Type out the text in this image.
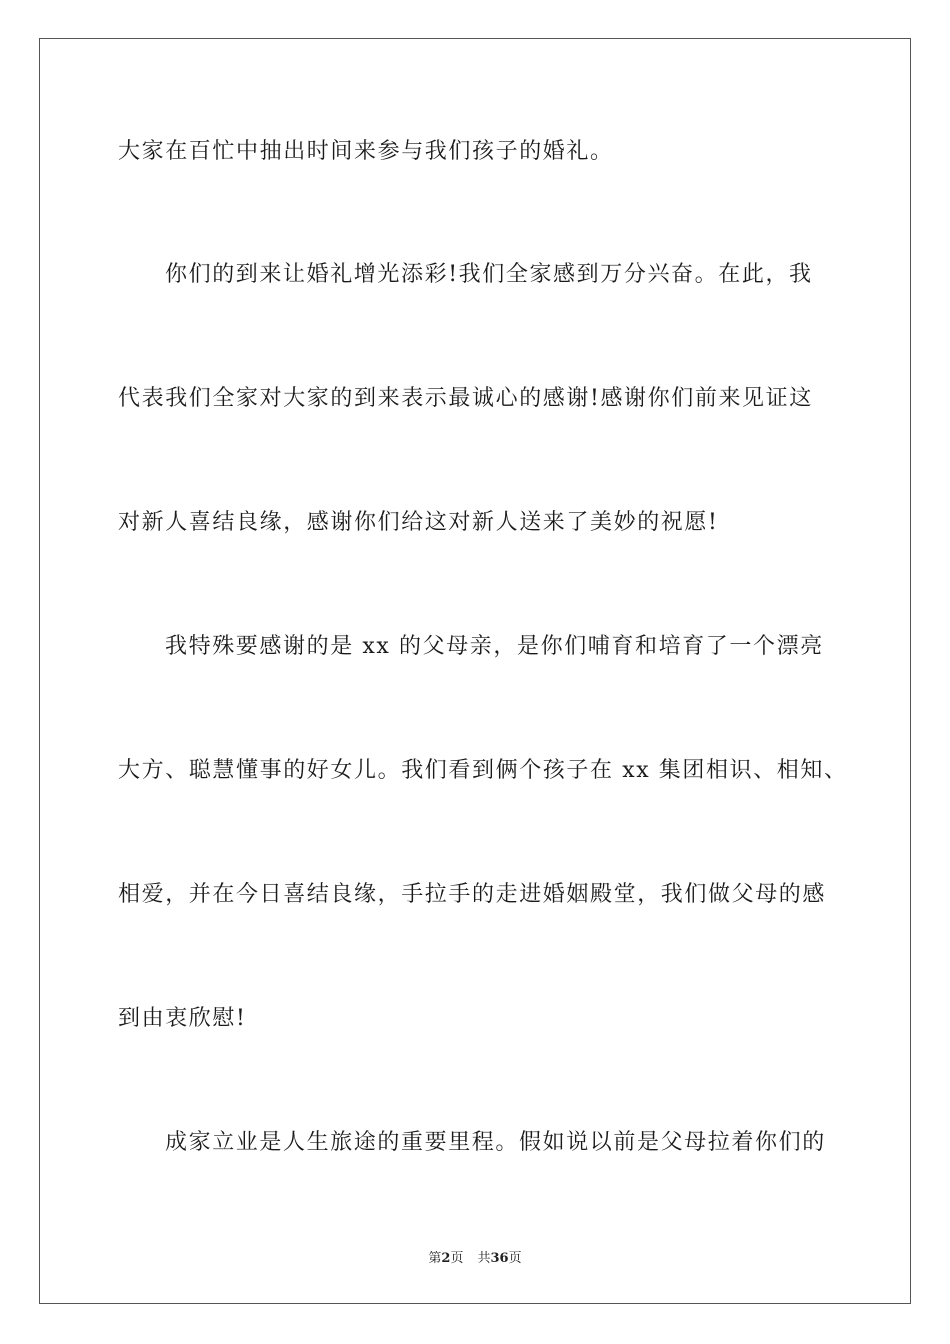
大家在百忙中抽出时间来参与我们孩子的婚礼。
你们的到来让婚礼增光添彩!我们全家感到万分兴奋。在此，我
代表我们全家对大家的到来表示最诚心的感谢!感谢你们前来见证这
对新人喜结良缘，感谢你们给这对新人送来了美妙的祝愿!
我特殊要感谢的是 xx 的父母亲，是你们哺育和培育了一个漂亮
大方、聪慧懂事的好女儿。我们看到俩个孩子在 xx 集团相识、相知、
相爱，并在今日喜结良缘，手拉手的走进婚姻殿堂，我们做父母的感
到由衷欣慰!
成家立业是人生旅途的重要里程。假如说以前是父母拉着你们的
第2页 共36页
